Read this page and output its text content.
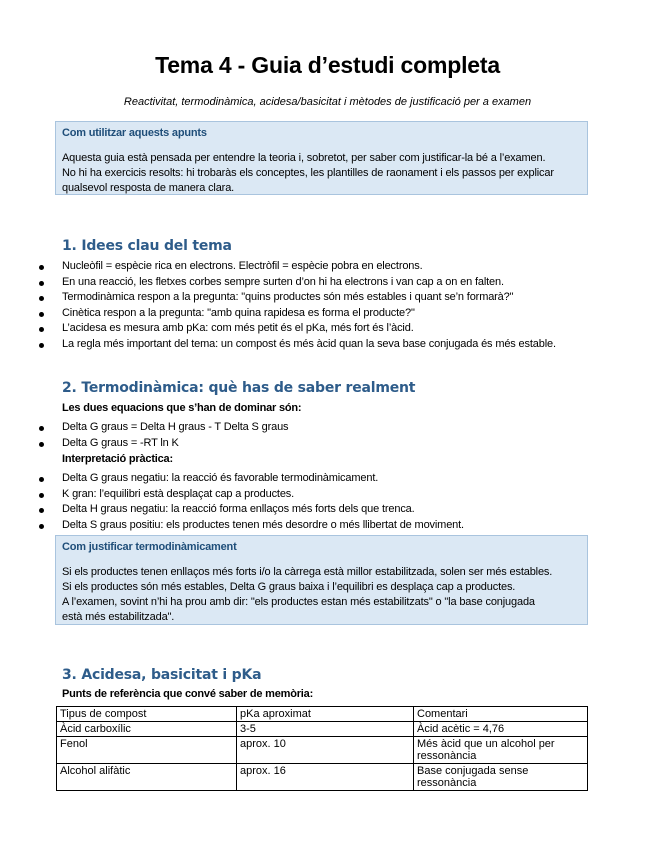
Tema 4 - Guia d’estudi completa
Reactivitat, termodinàmica, acidesa/basicitat i mètodes de justificació per a examen
Com utilitzar aquests apunts
Aquesta guia està pensada per entendre la teoria i, sobretot, per saber com justificar-la bé a l’examen.
No hi ha exercicis resolts: hi trobaràs els conceptes, les plantilles de raonament i els passos per explicar
qualsevol resposta de manera clara.
1. Idees clau del tema
Nucleòfil = espècie rica en electrons. Electròfil = espècie pobra en electrons.
En una reacció, les fletxes corbes sempre surten d’on hi ha electrons i van cap a on en falten.
Termodinàmica respon a la pregunta: "quins productes són més estables i quant se’n formarà?"
Cinètica respon a la pregunta: "amb quina rapidesa es forma el producte?"
L’acidesa es mesura amb pKa: com més petit és el pKa, més fort és l’àcid.
La regla més important del tema: un compost és més àcid quan la seva base conjugada és més estable.
2. Termodinàmica: què has de saber realment
Les dues equacions que s’han de dominar són:
Delta G graus = Delta H graus - T Delta S graus
Delta G graus = -RT ln K
Interpretació pràctica:
Delta G graus negatiu: la reacció és favorable termodinàmicament.
K gran: l’equilibri està desplaçat cap a productes.
Delta H graus negatiu: la reacció forma enllaços més forts dels que trenca.
Delta S graus positiu: els productes tenen més desordre o més llibertat de moviment.
Com justificar termodinàmicament
Si els productes tenen enllaços més forts i/o la càrrega està millor estabilitzada, solen ser més estables.
Si els productes són més estables, Delta G graus baixa i l’equilibri es desplaça cap a productes.
A l’examen, sovint n’hi ha prou amb dir: "els productes estan més estabilitzats" o "la base conjugada
està més estabilitzada".
3. Acidesa, basicitat i pKa
Punts de referència que convé saber de memòria:
Tipus de compost	pKa aproximat	Comentari
Àcid carboxílic	3-5	Àcid acètic = 4,76
Fenol	aprox. 10	Més àcid que un alcohol per ressonància
Alcohol alifàtic	aprox. 16	Base conjugada sense ressonància
